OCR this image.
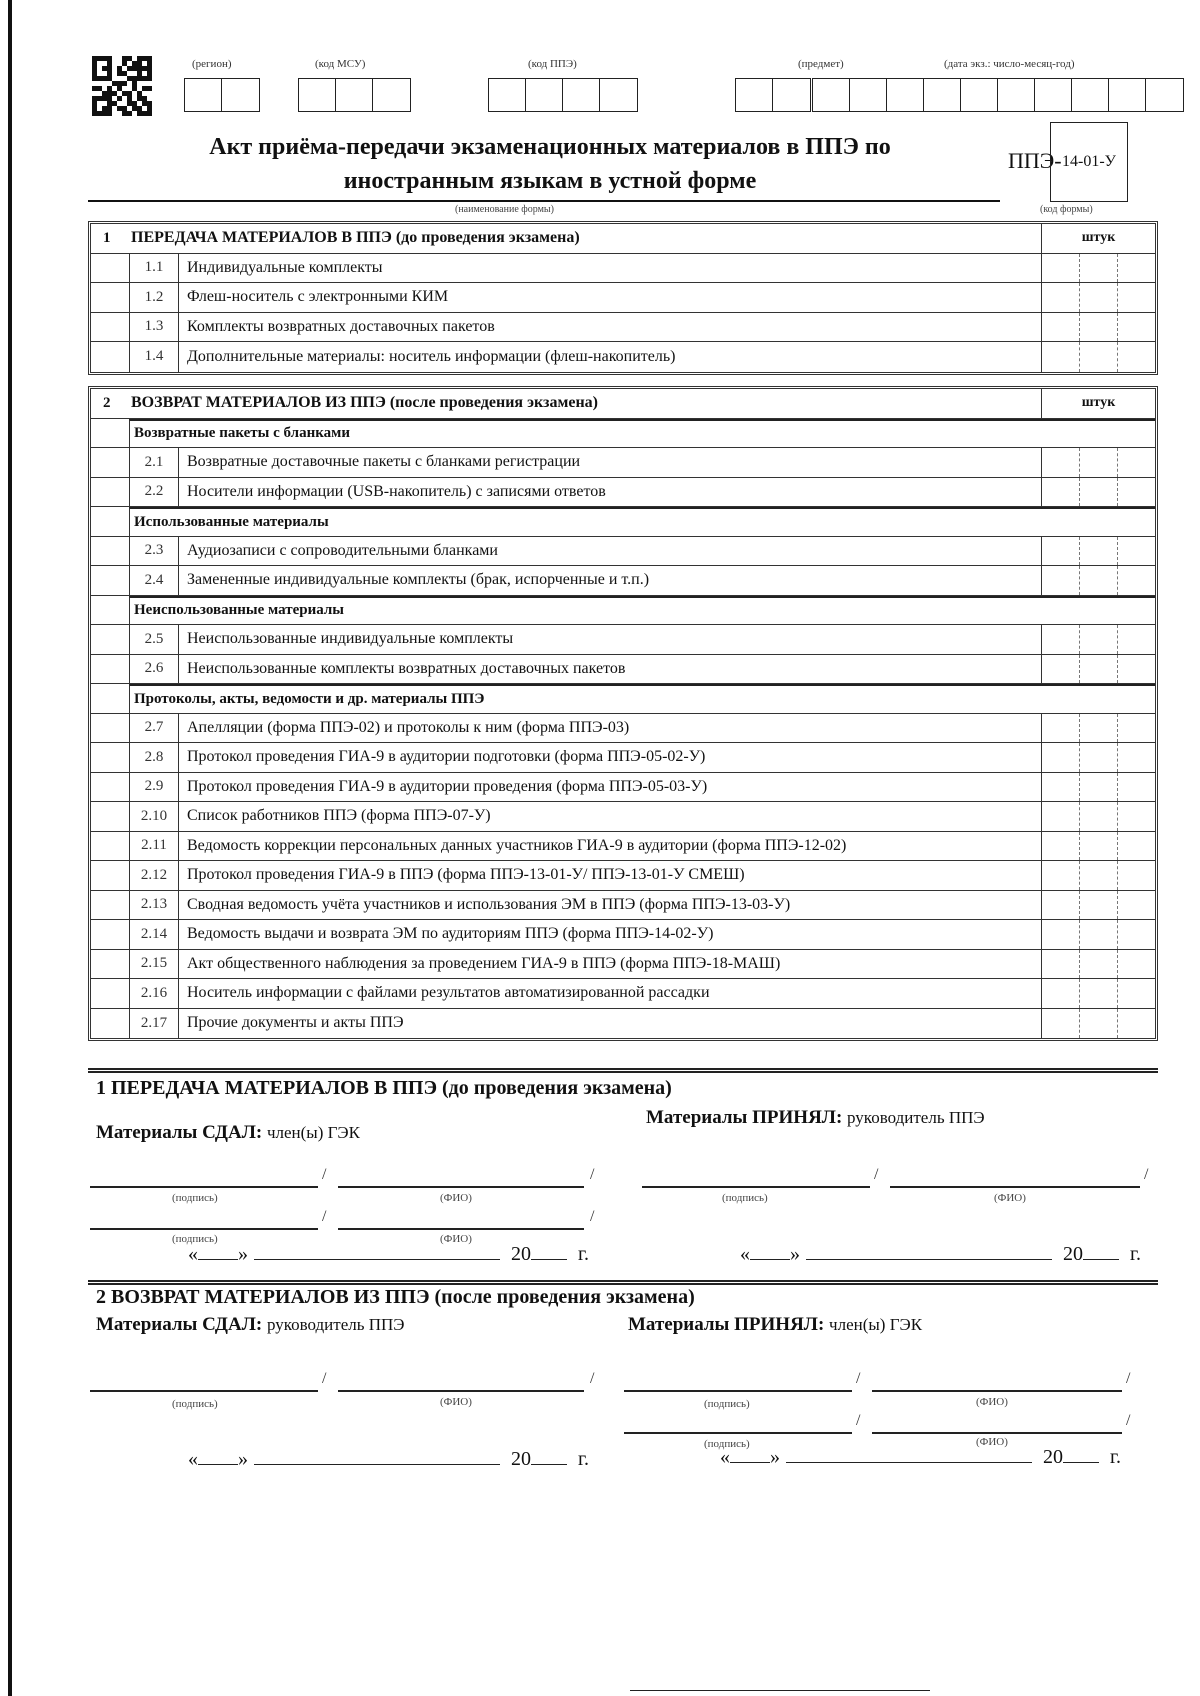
(регион)	(код МСУ)	(код ППЭ)	(предмет)	(дата экз.: число-месяц-год)
Акт приёма-передачи экзаменационных материалов в ППЭ по
иностранным языкам в устной форме
(наименование формы)
ППЭ- 14-01-У
(код формы)
1 ПЕРЕДАЧА МАТЕРИАЛОВ В ППЭ (до проведения экзамена)	штук
1.1	Индивидуальные комплекты
1.2	Флеш-носитель с электронными КИМ
1.3	Комплекты возвратных доставочных пакетов
1.4	Дополнительные материалы: носитель информации (флеш-накопитель)
2 ВОЗВРАТ МАТЕРИАЛОВ ИЗ ППЭ (после проведения экзамена)	штук
Возвратные пакеты с бланками
2.1	Возвратные доставочные пакеты с бланками регистрации
2.2	Носители информации (USB-накопитель) с записями ответов
Использованные материалы
2.3	Аудиозаписи с сопроводительными бланками
2.4	Замененные индивидуальные комплекты (брак, испорченные и т.п.)
Неиспользованные материалы
2.5	Неиспользованные индивидуальные комплекты
2.6	Неиспользованные комплекты возвратных доставочных пакетов
Протоколы, акты, ведомости и др. материалы ППЭ
2.7	Апелляции (форма ППЭ-02) и протоколы к ним (форма ППЭ-03)
2.8	Протокол проведения ГИА-9 в аудитории подготовки (форма ППЭ-05-02-У)
2.9	Протокол проведения ГИА-9 в аудитории проведения (форма ППЭ-05-03-У)
2.10	Список работников ППЭ (форма ППЭ-07-У)
2.11	Ведомость коррекции персональных данных участников ГИА-9 в аудитории (форма ППЭ-12-02)
2.12	Протокол проведения ГИА-9 в ППЭ (форма ППЭ-13-01-У/ ППЭ-13-01-У СМЕШ)
2.13	Сводная ведомость учёта участников и использования ЭМ в ППЭ (форма ППЭ-13-03-У)
2.14	Ведомость выдачи и возврата ЭМ по аудиториям ППЭ (форма ППЭ-14-02-У)
2.15	Акт общественного наблюдения за проведением ГИА-9 в ППЭ (форма ППЭ-18-МАШ)
2.16	Носитель информации с файлами результатов автоматизированной рассадки
2.17	Прочие документы и акты ППЭ
1 ПЕРЕДАЧА МАТЕРИАЛОВ В ППЭ (до проведения экзамена)
Материалы СДАЛ: член(ы) ГЭК
Материалы ПРИНЯЛ: руководитель ППЭ
/	/
(подпись)	(ФИО)
/	/
(подпись)	(ФИО)
« »	20 г.
/	/
(подпись)	(ФИО)
« »	20 г.
2 ВОЗВРАТ МАТЕРИАЛОВ ИЗ ППЭ (после проведения экзамена)
Материалы СДАЛ: руководитель ППЭ	Материалы ПРИНЯЛ: член(ы) ГЭК
/	/
(подпись)	(ФИО)
« »	20 г.
/	/
(подпись)	(ФИО)
/	/
(подпись)	(ФИО)
« »	20 г.
